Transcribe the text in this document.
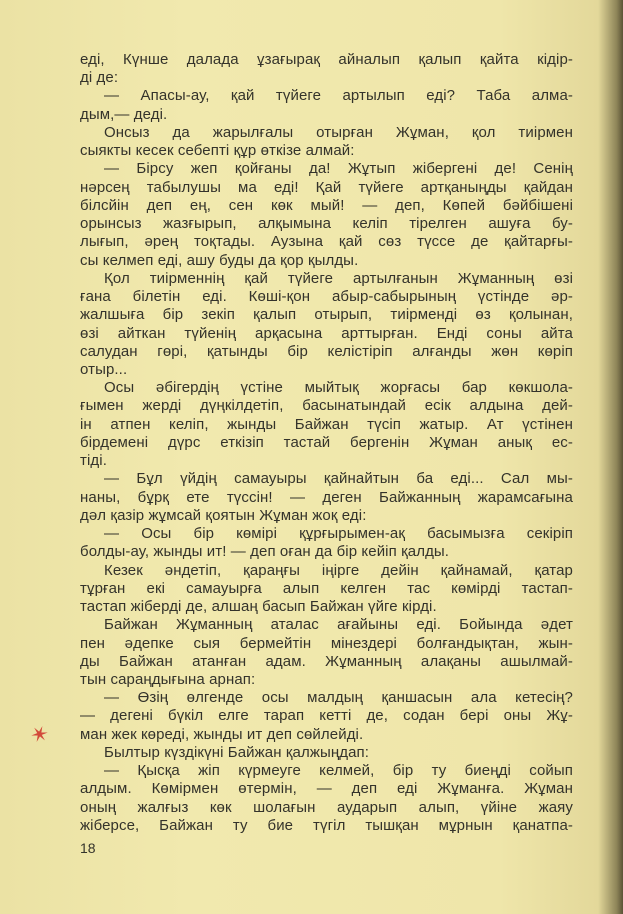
еді, Күнше далада ұзағырақ айналып қалып қайта кідір-
ді де:
— Апасы-ау, қай түйеге артылып еді? Таба алма-
дым,— деді.
Онсыз да жарылғалы отырған Жұман, қол тиірмен
сыякты кесек себепті құр өткізе алмай:
— Бірсу жеп қойғаны да! Жұтып жібергені де! Сенің
нәрсең табылушы ма еді! Қай түйеге артқаныңды қайдан
білсйін деп ең, сен көк мый! — деп, Көпей бәйбішені
орынсыз жазғырып, алқымына келіп тірелген ашуға бу-
лығып, әрең тоқтады. Аузына қай сөз түссе де қайтарғы-
сы келмеп еді, ашу буды да қор қылды.
Қол тиірменнің қай түйеге артылғанын Жұманның өзі
ғана білетін еді. Көші-қон абыр-сабырының үстінде әр-
жалшыға бір зекіп қалып отырып, тиірменді өз қолынан,
өзі айткан түйенің арқасына арттырған. Енді соны айта
салудан гөрі, қатынды бір келістіріп алғанды жөн көріп
отыр...
Осы әбігердің үстіне мыйтық жорғасы бар көкшола-
ғымен жерді дүңкілдетіп, басынатындай есік алдына дей-
ін атпен келіп, жынды Байжан түсіп жатыр. Ат үстінен
бірдемені дүрс еткізіп тастай бергенін Жұман анық ес-
тіді.
— Бұл үйдің самауыры қайнайтын ба еді... Сал мы-
наны, бұрқ ете түссін! — деген Байжанның жарамсағына
дәл қазір жұмсай қоятын Жұман жоқ еді:
— Осы бір көмірі құрғырымен-ақ басымызға секіріп
болды-ау, жынды ит! — деп оған да бір кейіп қалды.
Кезек әндетіп, қараңғы іңірге дейін қайнамай, қатар
тұрған екі самауырға алып келген тас көмірді тастап-
тастап жіберді де, алшаң басып Байжан үйге кірді.
Байжан Жұманның аталас ағайыны еді. Бойында әдет
пен әдепке сыя бермейтін мінездері болғандықтан, жын-
ды Байжан атанған адам. Жұманның алақаны ашылмай-
тын сараңдығына арнап:
— Өзің өлгенде осы малдың қаншасын ала кетесің?
— дегені бүкіл елге тарап кетті де, содан бері оны Жұ-
ман жек көреді, жынды ит деп сөйлейді.
Былтыр күздікүні Байжан қалжыңдап:
— Қысқа жіп күрмеуге келмей, бір ту биеңді сойып
алдым. Көмірмен өтермін, — деп еді Жұманға. Жұман
оның жалғыз көк шолағын аударып алып, үйіне жаяу
жіберсе, Байжан ту бие түгіл тышқан мұрнын қанатпа-
✶
18
